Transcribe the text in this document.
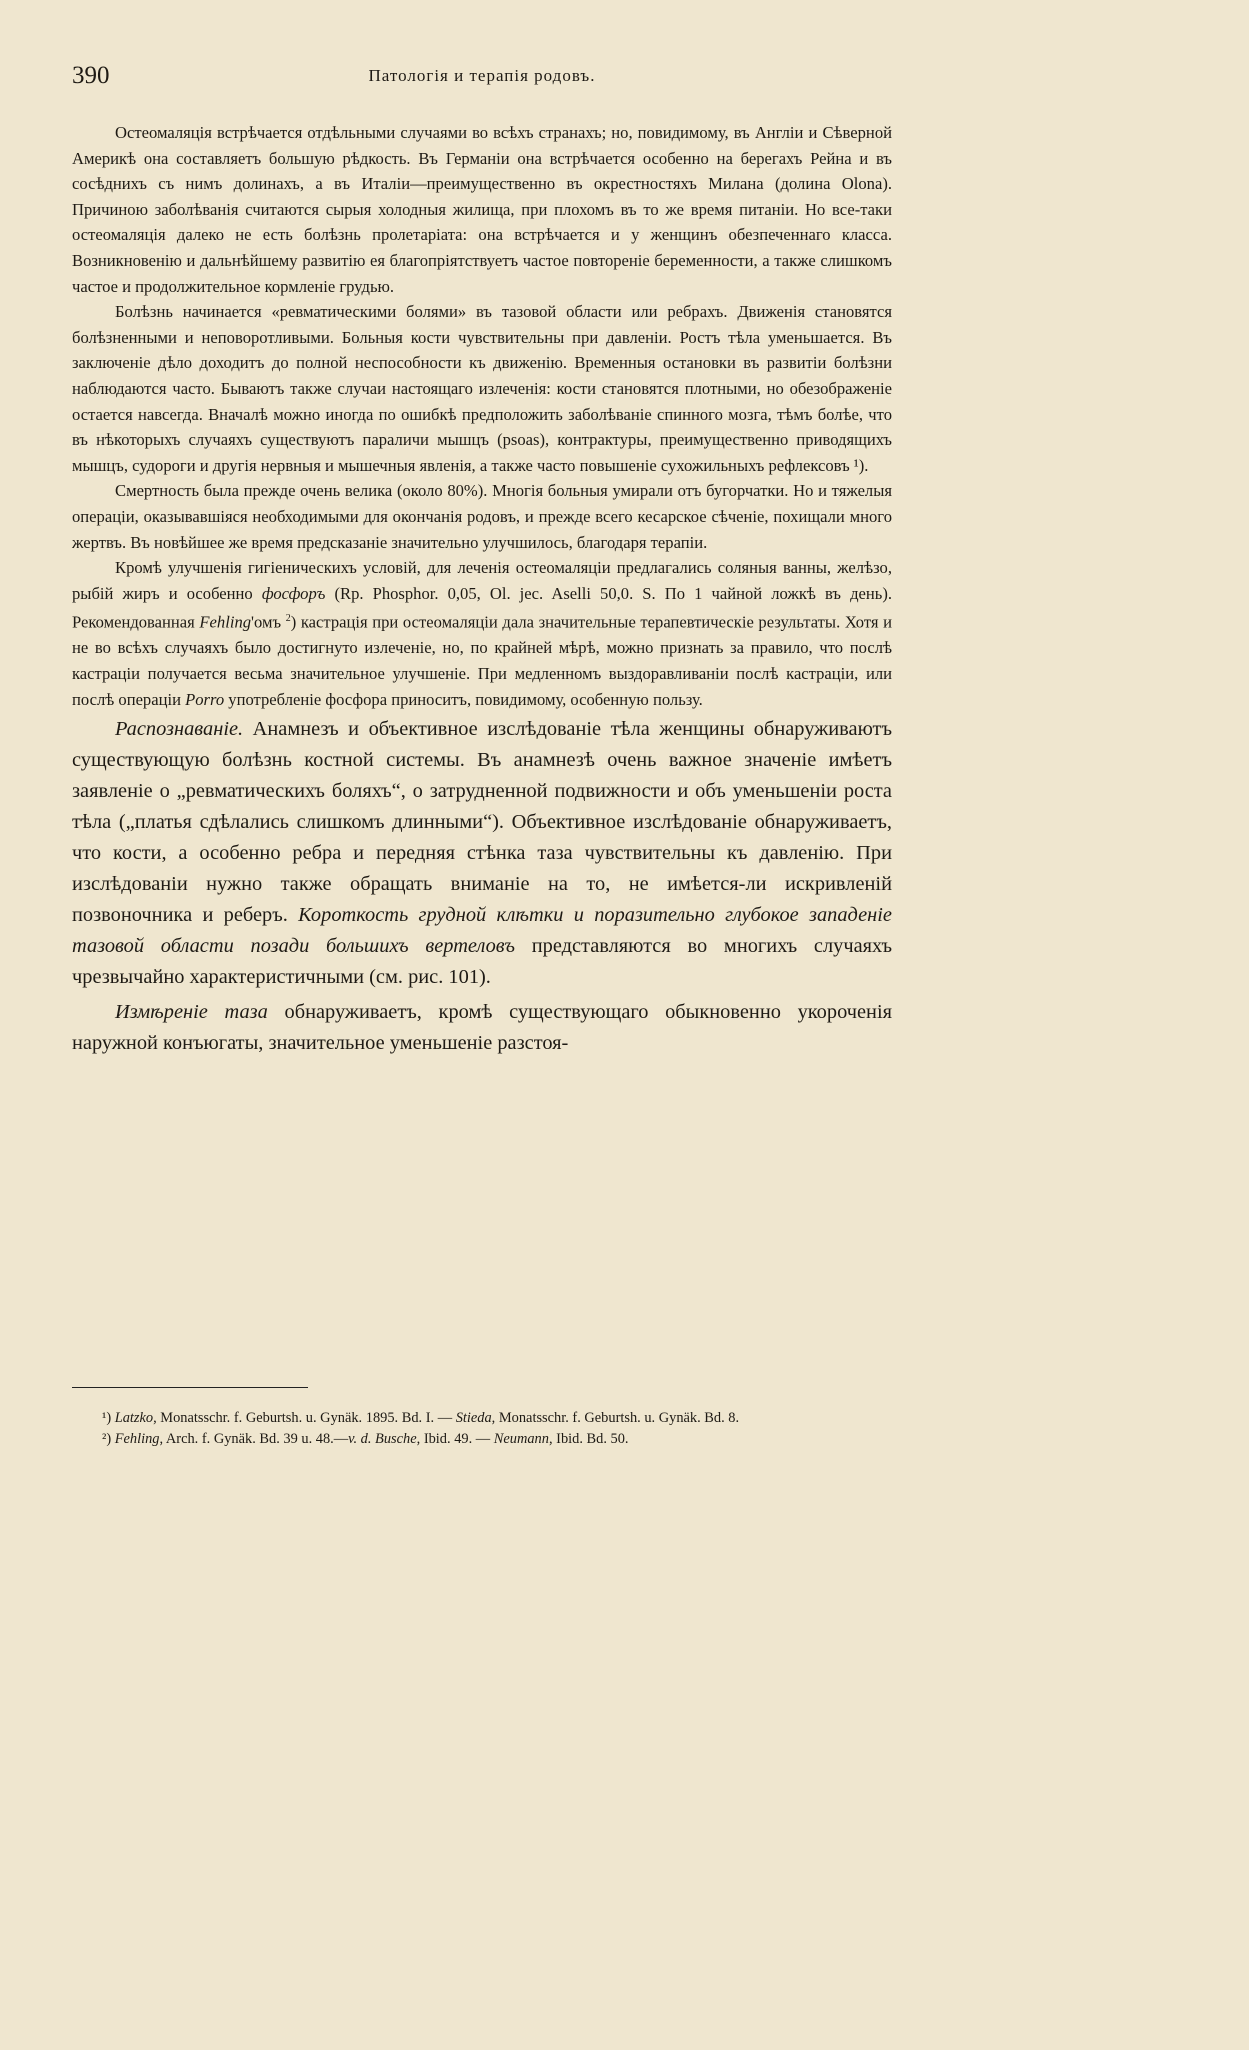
390	Патологія и терапія родовъ.

Остеомаляція встрѣчается отдѣльными случаями во всѣхъ странахъ; но, повидимому, въ Англіи и Сѣверной Америкѣ она составляетъ большую рѣдкость. Въ Германіи она встрѣчается особенно на берегахъ Рейна и въ сосѣднихъ съ нимъ долинахъ, а въ Италіи—преимущественно въ окрестностяхъ Милана (долина Olona). Причиною заболѣванія считаются сырыя холодныя жилища, при плохомъ въ то же время питаніи. Но все-таки остеомаляція далеко не есть болѣзнь пролетаріата: она встрѣчается и у женщинъ обезпеченнаго класса. Возникновенію и дальнѣйшему развитію ея благопріятствуетъ частое повтореніе беременности, а также слишкомъ частое и продолжительное кормленіе грудью.

Болѣзнь начинается «ревматическими болями» въ тазовой области или ребрахъ. Движенія становятся болѣзненными и неповоротливыми. Больныя кости чувствительны при давленіи. Ростъ тѣла уменьшается. Въ заключеніе дѣло доходитъ до полной неспособности къ движенію. Временныя остановки въ развитіи болѣзни наблюдаются часто. Бываютъ также случаи настоящаго излеченія: кости становятся плотными, но обезображеніе остается навсегда. Вначалѣ можно иногда по ошибкѣ предположить заболѣваніе спинного мозга, тѣмъ болѣе, что въ нѣкоторыхъ случаяхъ существуютъ параличи мышцъ (psoas), контрактуры, преимущественно приводящихъ мышцъ, судороги и другія нервныя и мышечныя явленія, а также часто повышеніе сухожильныхъ рефлексовъ ¹).

Смертность была прежде очень велика (около 80%). Многія больныя умирали отъ бугорчатки. Но и тяжелыя операціи, оказывавшіяся необходимыми для окончанія родовъ, и прежде всего кесарское сѣченіе, похищали много жертвъ. Въ новѣйшее же время предсказаніе значительно улучшилось, благодаря терапіи.

Кромѣ улучшенія гигіеническихъ условій, для леченія остеомаляціи предлагались соляныя ванны, желѣзо, рыбій жиръ и особенно фосфоръ (Rp. Phosphor. 0,05, Ol. jec. Aselli 50,0. S. По 1 чайной ложкѣ въ день). Рекомендованная Fehling'омъ $^2$) кастрація при остеомаляціи дала значительные терапевтическіе результаты. Хотя и не во всѣхъ случаяхъ было достигнуто излеченіе, но, по крайней мѣрѣ, можно признать за правило, что послѣ кастраціи получается весьма значительное улучшеніе. При медленномъ выздоравливаніи послѣ кастраціи, или послѣ операціи Porro употребленіе фосфора приноситъ, повидимому, особенную пользу.

Распознаваніе. Анамнезъ и объективное изслѣдованіе тѣла женщины обнаруживаютъ существующую болѣзнь костной системы. Въ анамнезѣ очень важное значеніе имѣетъ заявленіе о „ревматическихъ боляхъ“, о затрудненной подвижности и объ уменьшеніи роста тѣла („платья сдѣлались слишкомъ длинными“). Объективное изслѣдованіе обнаруживаетъ, что кости, а особенно ребра и передняя стѣнка таза чувствительны къ давленію. При изслѣдованіи нужно также обращать вниманіе на то, не имѣется-ли искривленій позвоночника и реберъ. Короткость грудной клѣтки и поразительно глубокое западеніе тазовой области позади большихъ вертеловъ представляются во многихъ случаяхъ чрезвычайно характеристичными (см. рис. 101).

Измѣреніе таза обнаруживаетъ, кромѣ существующаго обыкновенно укороченія наружной конъюгаты, значительное уменьшеніе разстоя-

¹) Latzko, Monatsschr. f. Geburtsh. u. Gynäk. 1895. Bd. I. — Stieda, Monatsschr. f. Geburtsh. u. Gynäk. Bd. 8.

²) Fehling, Arch. f. Gynäk. Bd. 39 u. 48.—v. d. Busche, Ibid. 49. — Neumann, Ibid. Bd. 50.
